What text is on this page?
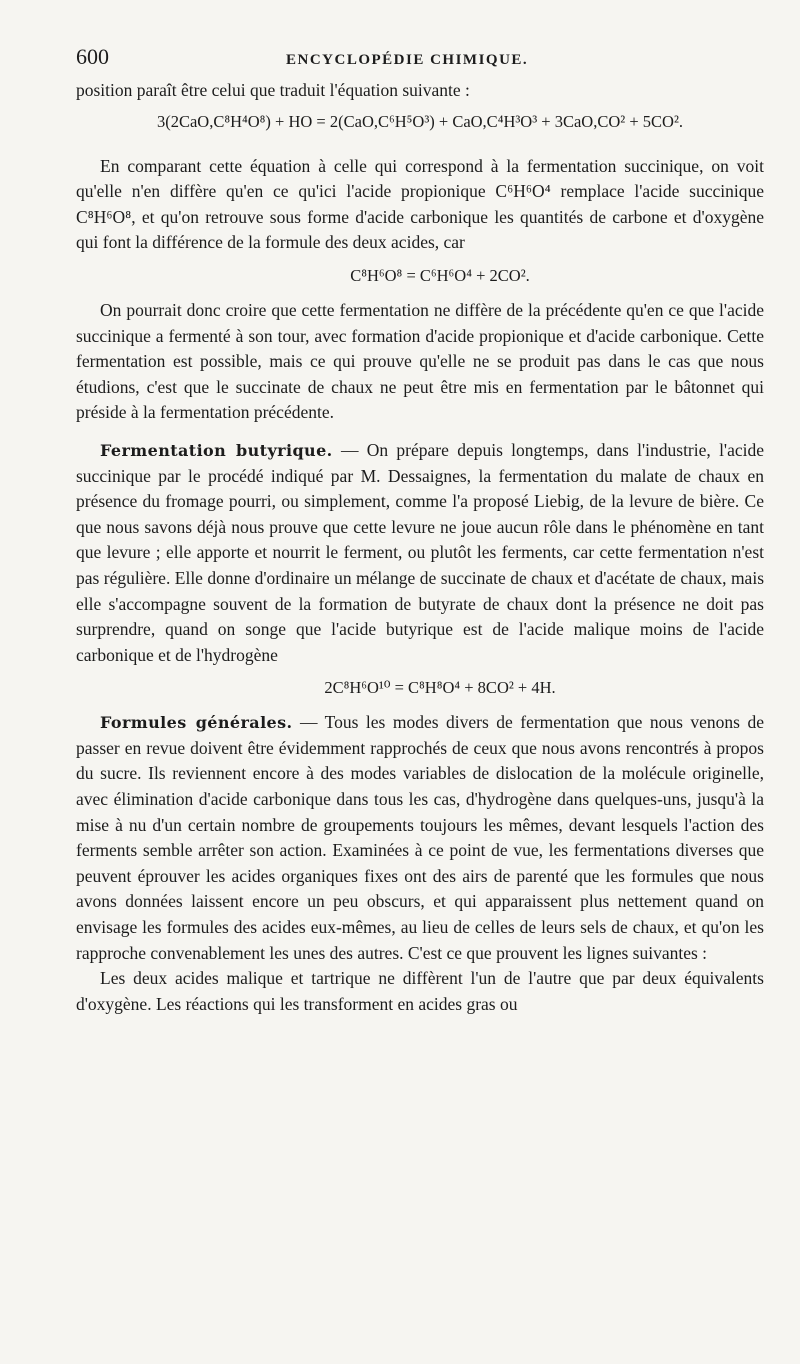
600	ENCYCLOPÉDIE CHIMIQUE.

position paraît être celui que traduit l'équation suivante :

3(2CaO,C⁸H⁴O⁸) + HO = 2(CaO,C⁶H⁵O³) + CaO,C⁴H³O³ + 3CaO,CO² + 5CO².

En comparant cette équation à celle qui correspond à la fermentation succinique, on voit qu'elle n'en diffère qu'en ce qu'ici l'acide propionique C⁶H⁶O⁴ remplace l'acide succinique C⁸H⁶O⁸, et qu'on retrouve sous forme d'acide carbonique les quantités de carbone et d'oxygène qui font la différence de la formule des deux acides, car

C⁸H⁶O⁸ = C⁶H⁶O⁴ + 2CO².

On pourrait donc croire que cette fermentation ne diffère de la précédente qu'en ce que l'acide succinique a fermenté à son tour, avec formation d'acide propionique et d'acide carbonique. Cette fermentation est possible, mais ce qui prouve qu'elle ne se produit pas dans le cas que nous étudions, c'est que le succinate de chaux ne peut être mis en fermentation par le bâtonnet qui préside à la fermentation précédente.

Fermentation butyrique. — On prépare depuis longtemps, dans l'industrie, l'acide succinique par le procédé indiqué par M. Dessaignes, la fermentation du malate de chaux en présence du fromage pourri, ou simplement, comme l'a proposé Liebig, de la levure de bière. Ce que nous savons déjà nous prouve que cette levure ne joue aucun rôle dans le phénomène en tant que levure ; elle apporte et nourrit le ferment, ou plutôt les ferments, car cette fermentation n'est pas régulière. Elle donne d'ordinaire un mélange de succinate de chaux et d'acétate de chaux, mais elle s'accompagne souvent de la formation de butyrate de chaux dont la présence ne doit pas surprendre, quand on songe que l'acide butyrique est de l'acide malique moins de l'acide carbonique et de l'hydrogène

2C⁸H⁶O¹⁰ = C⁸H⁸O⁴ + 8CO² + 4H.

Formules générales. — Tous les modes divers de fermentation que nous venons de passer en revue doivent être évidemment rapprochés de ceux que nous avons rencontrés à propos du sucre. Ils reviennent encore à des modes variables de dislocation de la molécule originelle, avec élimination d'acide carbonique dans tous les cas, d'hydrogène dans quelques-uns, jusqu'à la mise à nu d'un certain nombre de groupements toujours les mêmes, devant lesquels l'action des ferments semble arrêter son action. Examinées à ce point de vue, les fermentations diverses que peuvent éprouver les acides organiques fixes ont des airs de parenté que les formules que nous avons données laissent encore un peu obscurs, et qui apparaissent plus nettement quand on envisage les formules des acides eux-mêmes, au lieu de celles de leurs sels de chaux, et qu'on les rapproche convenablement les unes des autres. C'est ce que prouvent les lignes suivantes :

Les deux acides malique et tartrique ne diffèrent l'un de l'autre que par deux équivalents d'oxygène. Les réactions qui les transforment en acides gras ou
